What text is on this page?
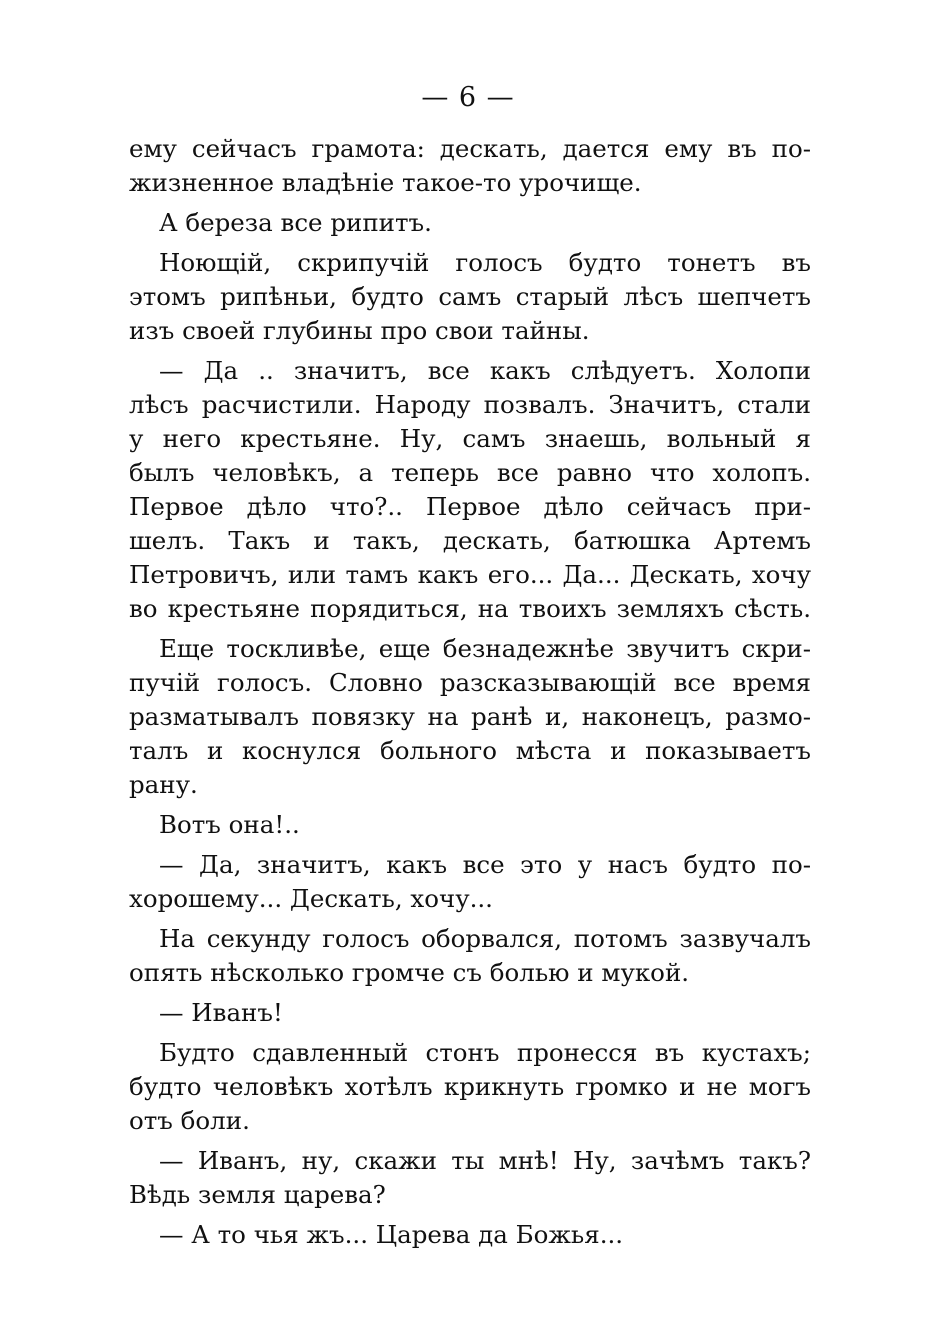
— 6 —
ему сейчасъ грамота: дескать, дается ему въ по-
жизненное владѣніе такое-то урочище.
А береза все рипитъ.
Ноющій, скрипучій голосъ будто тонетъ въ
этомъ рипѣньи, будто самъ старый лѣсъ шепчетъ
изъ своей глубины про свои тайны.
— Да .. значитъ, все какъ слѣдуетъ. Холопи
лѣсъ расчистили. Народу позвалъ. Значитъ, стали
у него крестьяне. Ну, самъ знаешь, вольный я
былъ человѣкъ, а теперь все равно что холопъ.
Первое дѣло что?.. Первое дѣло сейчасъ при-
шелъ. Такъ и такъ, дескать, батюшка Артемъ
Петровичъ, или тамъ какъ его... Да... Дескать, хочу
во крестьяне порядиться, на твоихъ земляхъ сѣсть.
Еще тоскливѣе, еще безнадежнѣе звучитъ скри-
пучій голосъ. Словно разсказывающій все время
разматывалъ повязку на ранѣ и, наконецъ, размо-
талъ и коснулся больного мѣста и показываетъ
рану.
Вотъ она!..
— Да, значитъ, какъ все это у насъ будто по-
хорошему... Дескать, хочу...
На секунду голосъ оборвался, потомъ зазвучалъ
опять нѣсколько громче съ болью и мукой.
— Иванъ!
Будто сдавленный стонъ пронесся въ кустахъ;
будто человѣкъ хотѣлъ крикнуть громко и не могъ
отъ боли.
— Иванъ, ну, скажи ты мнѣ! Ну, зачѣмъ такъ?
Вѣдь земля царева?
— А то чья жъ... Царева да Божья...
